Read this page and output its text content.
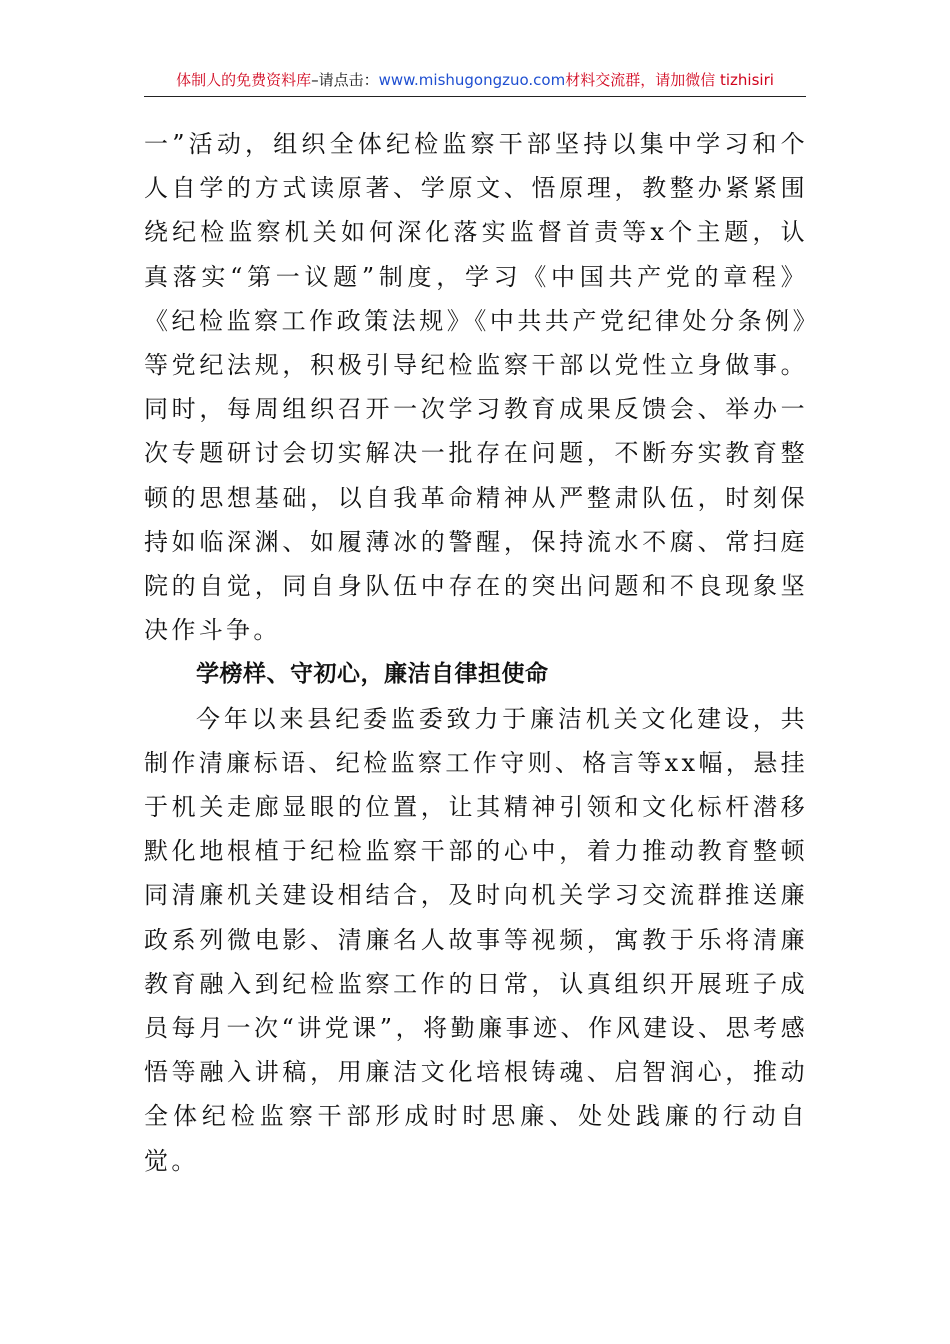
体制人的免费资料库–请点击：www.mishugongzuo.com材料交流群，请加微信 tizhisiri

一”活动，组织全体纪检监察干部坚持以集中学习和个人自学的方式读原著、学原文、悟原理，教整办紧紧围绕纪检监察机关如何深化落实监督首责等x个主题，认真落实“第一议题”制度，学习《中国共产党的章程》《纪检监察工作政策法规》《中共共产党纪律处分条例》等党纪法规，积极引导纪检监察干部以党性立身做事。同时，每周组织召开一次学习教育成果反馈会、举办一次专题研讨会切实解决一批存在问题，不断夯实教育整顿的思想基础，以自我革命精神从严整肃队伍，时刻保持如临深渊、如履薄冰的警醒，保持流水不腐、常扫庭院的自觉，同自身队伍中存在的突出问题和不良现象坚决作斗争。

学榜样、守初心，廉洁自律担使命

今年以来县纪委监委致力于廉洁机关文化建设，共制作清廉标语、纪检监察工作守则、格言等xx幅，悬挂于机关走廊显眼的位置，让其精神引领和文化标杆潜移默化地根植于纪检监察干部的心中，着力推动教育整顿同清廉机关建设相结合，及时向机关学习交流群推送廉政系列微电影、清廉名人故事等视频，寓教于乐将清廉教育融入到纪检监察工作的日常，认真组织开展班子成员每月一次“讲党课”，将勤廉事迹、作风建设、思考感悟等融入讲稿，用廉洁文化培根铸魂、启智润心，推动全体纪检监察干部形成时时思廉、处处践廉的行动自觉。
